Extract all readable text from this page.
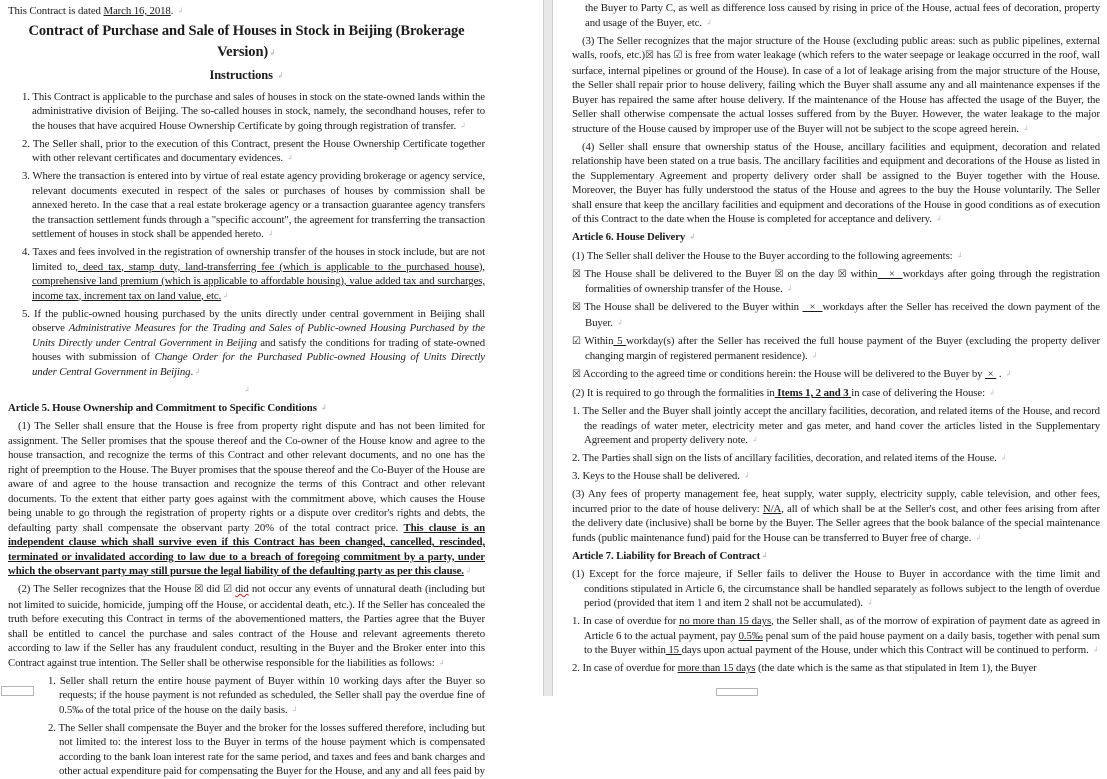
This Contract is dated March 16, 2018. ↲
Contract of Purchase and Sale of Houses in Stock in Beijing (Brokerage Version) ↲
Instructions ↲
1. This Contract is applicable to the purchase and sales of houses in stock on the state-owned lands within the administrative division of Beijing. The so-called houses in stock, namely, the secondhand houses, refer to the houses that have acquired House Ownership Certificate by going through registration of transfer. ↲
2. The Seller shall, prior to the execution of this Contract, present the House Ownership Certificate together with other relevant certificates and documentary evidences. ↲
3. Where the transaction is entered into by virtue of real estate agency providing brokerage or agency service, relevant documents executed in respect of the sales or purchases of houses by commission shall be annexed hereto. In the case that a real estate brokerage agency or a transaction guarantee agency transfers the transaction settlement funds through a "specific account", the agreement for transferring the transaction settlement of houses in stock shall be appended hereto. ↲
4. Taxes and fees involved in the registration of ownership transfer of the houses in stock include, but are not limited to, deed tax, stamp duty, land-transferring fee (which is applicable to the purchased house), comprehensive land premium (which is applicable to affordable housing), value added tax and surcharges, income tax, increment tax on land value, etc. ↲
5. If the public-owned housing purchased by the units directly under central government in Beijing shall observe Administrative Measures for the Trading and Sales of Public-owned Housing Purchased by the Units Directly under Central Government in Beijing and satisfy the conditions for trading of state-owned houses with submission of Change Order for the Purchased Public-owned Housing of Units Directly under Central Government in Beijing. ↲
↲
Article 5. House Ownership and Commitment to Specific Conditions ↲
(1) The Seller shall ensure that the House is free from property right dispute and has not been limited for assignment. The Seller promises that the spouse thereof and the Co-owner of the House know and agree to the house transaction, and recognize the terms of this Contract and other relevant documents, and no one has the right of preemption to the House. The Buyer promises that the spouse thereof and the Co-Buyer of the House are aware of and agree to the house transaction and recognize the terms of this Contract and other relevant documents. To the extent that either party goes against with the commitment above, which causes the House being unable to go through the registration of property rights or a dispute over creditor's rights and debts, the defaulting party shall compensate the observant party 20% of the total contract price. This clause is an independent clause which shall survive even if this Contract has been changed, cancelled, rescinded, terminated or invalidated according to law due to a breach of foregoing commitment by a party, under which the observant party may still pursue the legal liability of the defaulting party as per this clause. ↲
(2) The Seller recognizes that the House ☒ did ☑ did not occur any events of unnatural death (including but not limited to suicide, homicide, jumping off the House, or accidental death, etc.). If the Seller has concealed the truth before executing this Contract in terms of the abovementioned matters, the Parties agree that the Buyer shall be entitled to cancel the purchase and sales contract of the House and relevant agreements thereto according to law if the Seller has any fraudulent conduct, resulting in the Buyer and the Broker enter into this Contract against true intention. The Seller shall be otherwise responsible for the liabilities as follows: ↲
1. Seller shall return the entire house payment of Buyer within 10 working days after the Buyer so requests; if the house payment is not refunded as scheduled, the Seller shall pay the overdue fine of 0.5‰ of the total price of the house on the daily basis. ↲
2. The Seller shall compensate the Buyer and the broker for the losses suffered therefore, including but not limited to: the interest loss to the Buyer in terms of the house payment which is compensated according to the bank loan interest rate for the same period, and taxes and fees and bank charges and other actual expenditure paid for compensating the Buyer for the House, and any and all fees paid by
the Buyer to Party C, as well as difference loss caused by rising in price of the House, actual fees of decoration, property and usage of the Buyer, etc. ↲
(3) The Seller recognizes that the major structure of the House (excluding public areas: such as public pipelines, external walls, roofs, etc.)☒ has ☑ is free from water leakage (which refers to the water seepage or leakage occurred in the roof, wall surface, internal pipelines or ground of the House). In case of a lot of leakage arising from the major structure of the House, the Seller shall repair prior to house delivery, failing which the Buyer shall assume any and all maintenance expenses if the Buyer has repaired the same after house delivery. If the maintenance of the House has affected the usage of the Buyer, the Seller shall otherwise compensate the actual losses suffered from by the Buyer. However, the water leakage to the major structure of the House caused by improper use of the Buyer will not be subject to the scope agreed herein. ↲
(4) Seller shall ensure that ownership status of the House, ancillary facilities and equipment, decoration and related relationship have been stated on a true basis. The ancillary facilities and equipment and decorations of the House as listed in the Supplementary Agreement and property delivery order shall be assigned to the Buyer together with the House. Moreover, the Buyer has fully understood the status of the House and agrees to the buy the House voluntarily. The Seller shall ensure that keep the ancillary facilities and equipment and decorations of the House in good conditions as of execution of this Contract to the date when the House is completed for acceptance and delivery. ↲
Article 6. House Delivery ↲
(1) The Seller shall deliver the House to the Buyer according to the following agreements: ↲
☒ The House shall be delivered to the Buyer ☒ on the day ☒ within   ×  workdays after going through the registration formalities of ownership transfer of the House. ↲
☒ The House shall be delivered to the Buyer within   ×  workdays after the Seller has received the down payment of the Buyer. ↲
☑ Within 5 workday(s) after the Seller has received the full house payment of the Buyer (excluding the property deliver changing margin of registered permanent residence). ↲
☒ According to the agreed time or conditions herein: the House will be delivered to the Buyer by  ×  . ↲
(2) It is required to go through the formalities in Items 1, 2 and 3 in case of delivering the House: ↲
1. The Seller and the Buyer shall jointly accept the ancillary facilities, decoration, and related items of the House, and record the readings of water meter, electricity meter and gas meter, and hand cover the articles listed in the Supplementary Agreement and property delivery note. ↲
2. The Parties shall sign on the lists of ancillary facilities, decoration, and related items of the House. ↲
3. Keys to the House shall be delivered. ↲
(3) Any fees of property management fee, heat supply, water supply, electricity supply, cable television, and other fees, incurred prior to the date of house delivery: N/A, all of which shall be at the Seller's cost, and other fees arising from after the delivery date (inclusive) shall be borne by the Buyer. The Seller agrees that the book balance of the special maintenance funds (public maintenance fund) paid for the House can be transferred to Buyer free of charge. ↲
Article 7. Liability for Breach of Contract ↲
(1) Except for the force majeure, if Seller fails to deliver the House to Buyer in accordance with the time limit and conditions stipulated in Article 6, the circumstance shall be handled separately as follows subject to the length of overdue period (provided that item 1 and item 2 shall not be accumulated). ↲
1. In case of overdue for no more than 15 days, the Seller shall, as of the morrow of expiration of payment date as agreed in Article 6 to the actual payment, pay 0.5‰ penal sum of the paid house payment on a daily basis, together with penal sum to the Buyer within 15 days upon actual payment of the House, under which this Contract will be continued to perform. ↲
2. In case of overdue for more than 15 days (the date which is the same as that stipulated in Item 1), the Buyer
